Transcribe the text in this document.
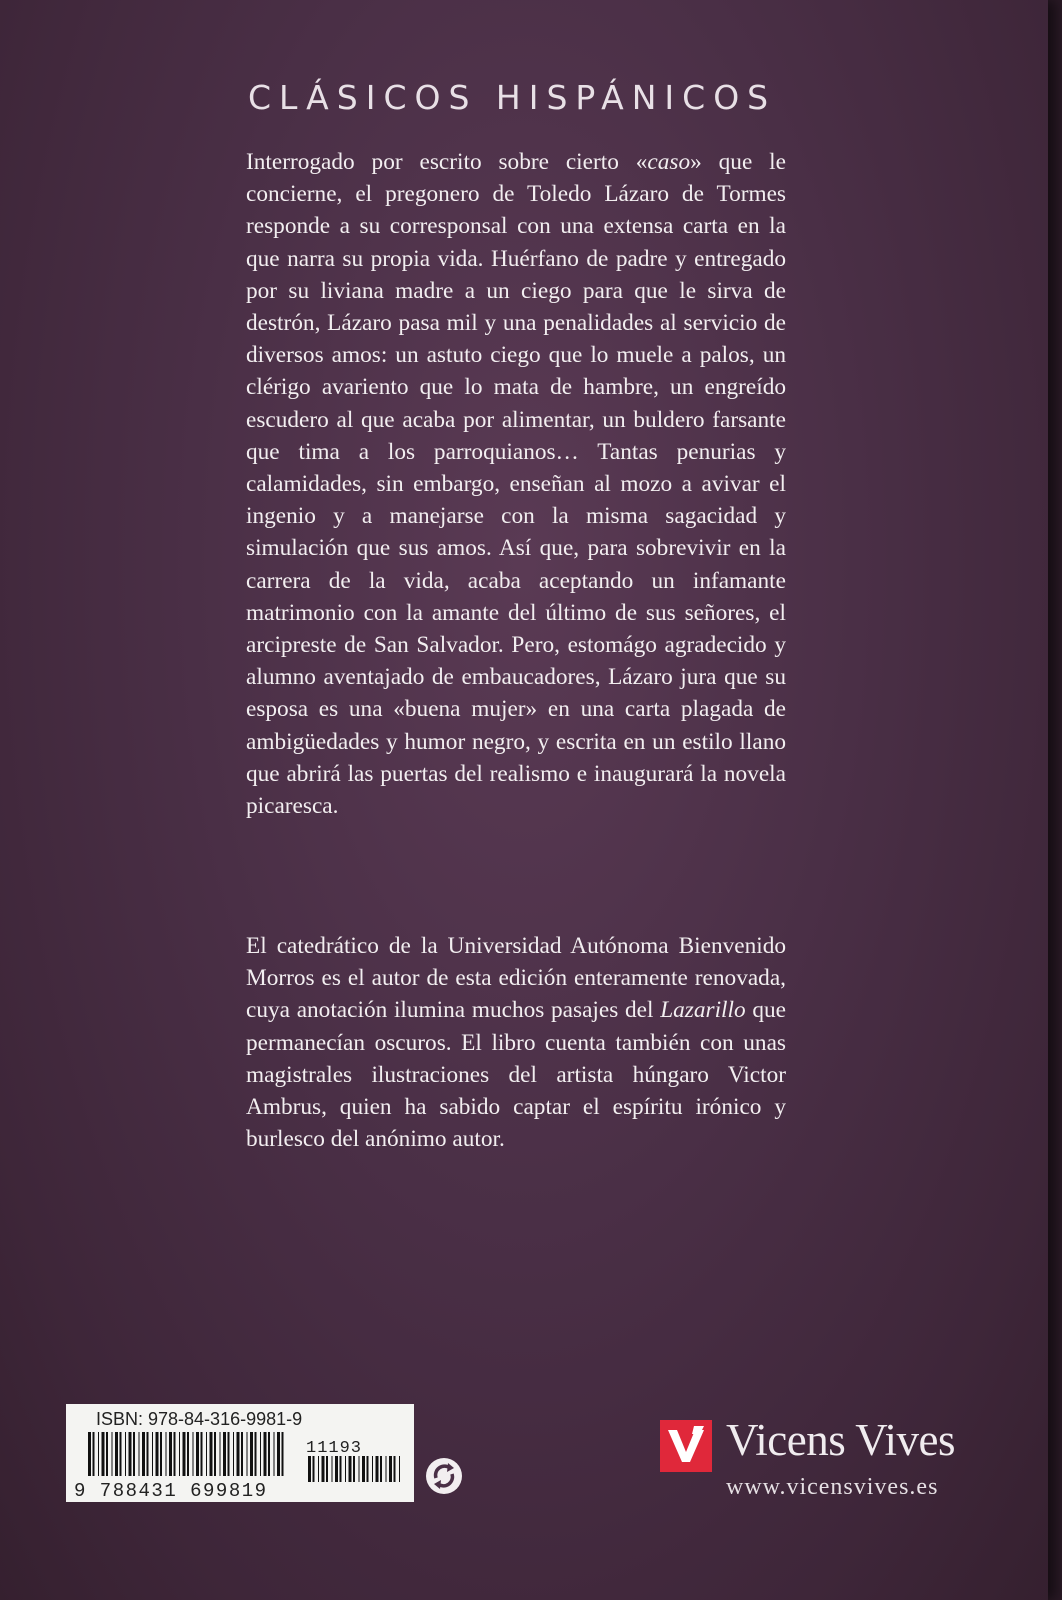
CLÁSICOS HISPÁNICOS

Interrogado por escrito sobre cierto «caso» que le concierne, el pregonero de Toledo Lázaro de Tormes responde a su corresponsal con una extensa carta en la que narra su propia vida. Huérfano de padre y entregado por su liviana madre a un ciego para que le sirva de destrón, Lázaro pasa mil y una penalidades al servicio de diversos amos: un astuto ciego que lo muele a palos, un clérigo avariento que lo mata de hambre, un engreído escudero al que acaba por alimentar, un buldero farsante que tima a los parroquianos… Tantas penurias y calamidades, sin embargo, enseñan al mozo a avivar el ingenio y a manejarse con la misma sagacidad y simulación que sus amos. Así que, para sobrevivir en la carrera de la vida, acaba aceptando un infamante matrimonio con la amante del último de sus señores, el arcipreste de San Salvador. Pero, estomágo agradecido y alumno aventajado de embaucadores, Lázaro jura que su esposa es una «buena mujer» en una carta plagada de ambigüedades y humor negro, y escrita en un estilo llano que abrirá las puertas del realismo e inaugurará la novela picaresca.

El catedrático de la Universidad Autónoma Bienvenido Morros es el autor de esta edición enteramente renovada, cuya anotación ilumina muchos pasajes del Lazarillo que permanecían oscuros. El libro cuenta también con unas magistrales ilustraciones del artista húngaro Victor Ambrus, quien ha sabido captar el espíritu irónico y burlesco del anónimo autor.

ISBN: 978-84-316-9981-9
9 788431 699819
11193	Vicens Vives
www.vicensvives.es
